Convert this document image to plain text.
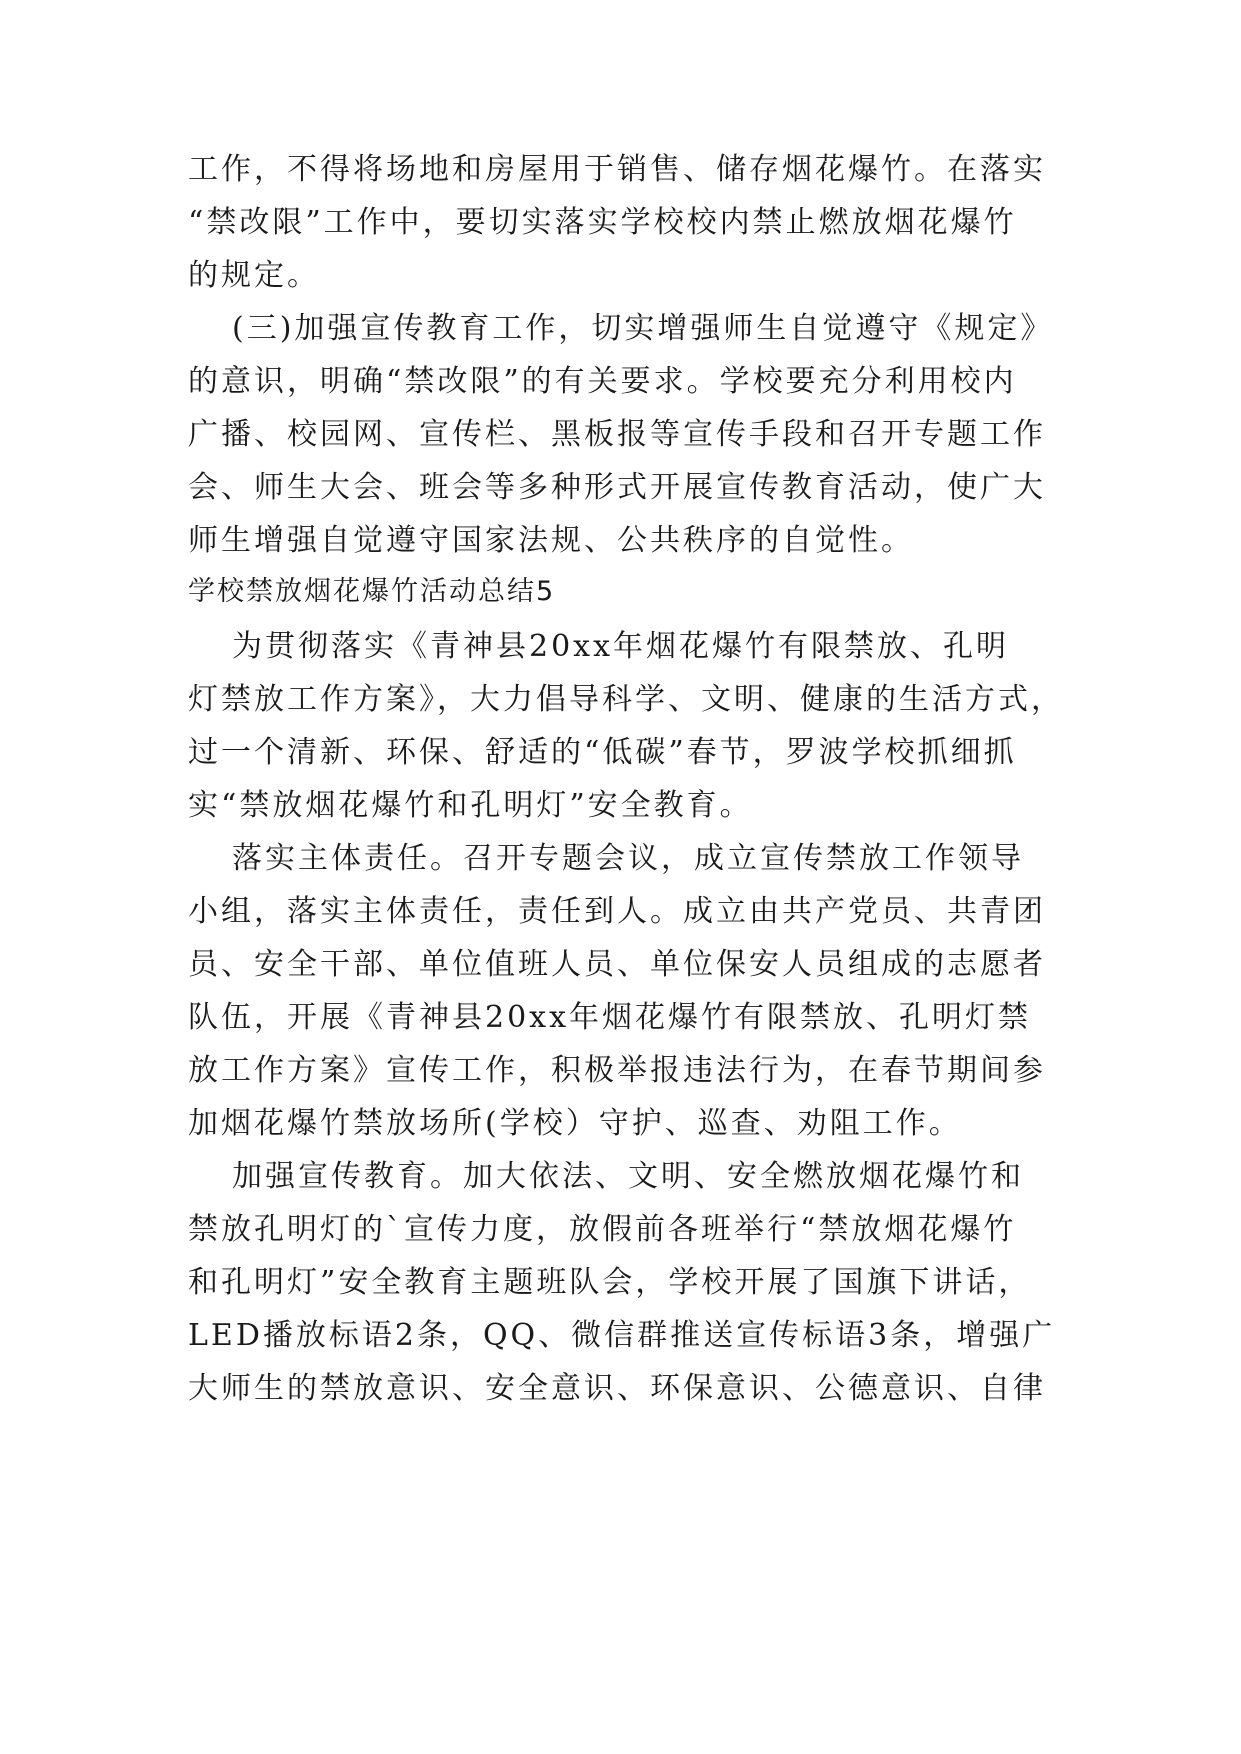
工作，不得将场地和房屋用于销售、储存烟花爆竹。在落实
“禁改限”工作中，要切实落实学校校内禁止燃放烟花爆竹
的规定。
(三)加强宣传教育工作，切实增强师生自觉遵守《规定》
的意识，明确“禁改限”的有关要求。学校要充分利用校内
广播、校园网、宣传栏、黑板报等宣传手段和召开专题工作
会、师生大会、班会等多种形式开展宣传教育活动，使广大
师生增强自觉遵守国家法规、公共秩序的自觉性。
学校禁放烟花爆竹活动总结5
为贯彻落实《青神县20xx年烟花爆竹有限禁放、孔明
灯禁放工作方案》，大力倡导科学、文明、健康的生活方式，
过一个清新、环保、舒适的“低碳”春节，罗波学校抓细抓
实“禁放烟花爆竹和孔明灯”安全教育。
落实主体责任。召开专题会议，成立宣传禁放工作领导
小组，落实主体责任，责任到人。成立由共产党员、共青团
员、安全干部、单位值班人员、单位保安人员组成的志愿者
队伍，开展《青神县20xx年烟花爆竹有限禁放、孔明灯禁
放工作方案》宣传工作，积极举报违法行为，在春节期间参
加烟花爆竹禁放场所(学校）守护、巡查、劝阻工作。
加强宣传教育。加大依法、文明、安全燃放烟花爆竹和
禁放孔明灯的`宣传力度，放假前各班举行“禁放烟花爆竹
和孔明灯”安全教育主题班队会，学校开展了国旗下讲话，
LED播放标语2条，QQ、微信群推送宣传标语3条，增强广
大师生的禁放意识、安全意识、环保意识、公德意识、自律
